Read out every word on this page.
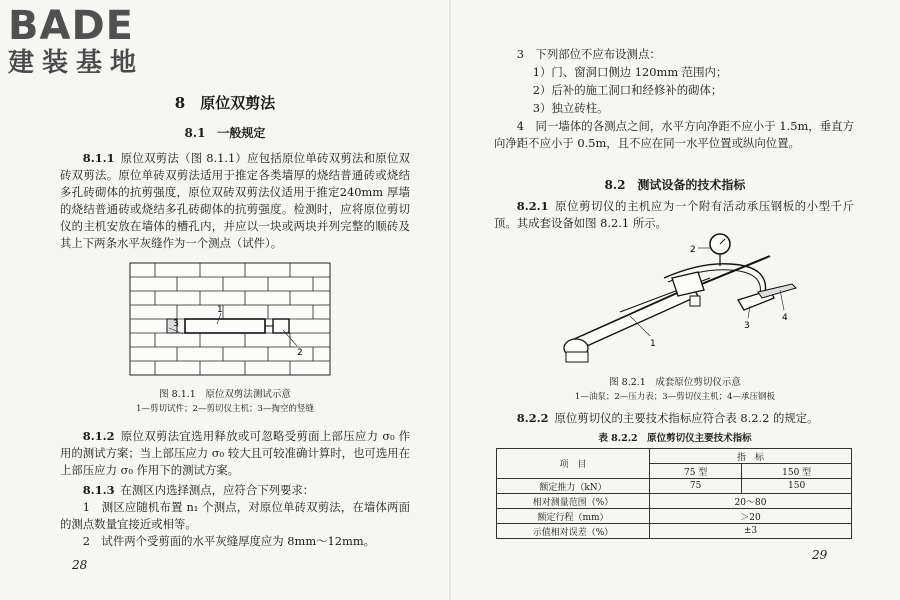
BADE
建装基地
8　原位双剪法
8.1　一般规定
8.1.1 原位双剪法（图 8.1.1）应包括原位单砖双剪法和原位双砖双剪法。原位单砖双剪法适用于推定各类墙厚的烧结普通砖或烧结多孔砖砌体的抗剪强度，原位双砖双剪法仪适用于推定240mm 厚墙的烧结普通砖或烧结多孔砖砌体的抗剪强度。检测时，应将原位剪切仪的主机安放在墙体的槽孔内，并应以一块或两块并列完整的顺砖及其上下两条水平灰缝作为一个测点（试件）。
1
2
3
图 8.1.1　原位双剪法测试示意
1—剪切试件；2—剪切仪主机；3—掏空的竖缝
8.1.2 原位双剪法宜选用释放或可忽略受剪面上部压应力 σ₀ 作用的测试方案；当上部压应力 σ₀ 较大且可较准确计算时，也可选用在上部压应力 σ₀ 作用下的测试方案。
8.1.3 在测区内选择测点，应符合下列要求：
1　测区应随机布置 n₁ 个测点，对原位单砖双剪法，在墙体两面的测点数量宜接近或相等。
2　试件两个受剪面的水平灰缝厚度应为 8mm～12mm。
28
3　下列部位不应布设测点：
1）门、窗洞口侧边 120mm 范围内；
2）后补的施工洞口和经修补的砌体；
3）独立砖柱。
4　同一墙体的各测点之间，水平方向净距不应小于 1.5m，垂直方向净距不应小于 0.5m，且不应在同一水平位置或纵向位置。
8.2　测试设备的技术指标
8.2.1 原位剪切仪的主机应为一个附有活动承压钢板的小型千斤顶。其成套设备如图 8.2.1 所示。
1
2
3
4
图 8.2.1　成套原位剪切仪示意
1—油泵；2—压力表；3—剪切仪主机；4—承压钢板
8.2.2 原位剪切仪的主要技术指标应符合表 8.2.2 的规定。
表 8.2.2　原位剪切仪主要技术指标
项　目	指　标	
	75 型	150 型
额定推力（kN）	75	150
相对测量范围（%）	20～80	
额定行程（mm）	＞20	
示值相对误差（%）	±3	
29
